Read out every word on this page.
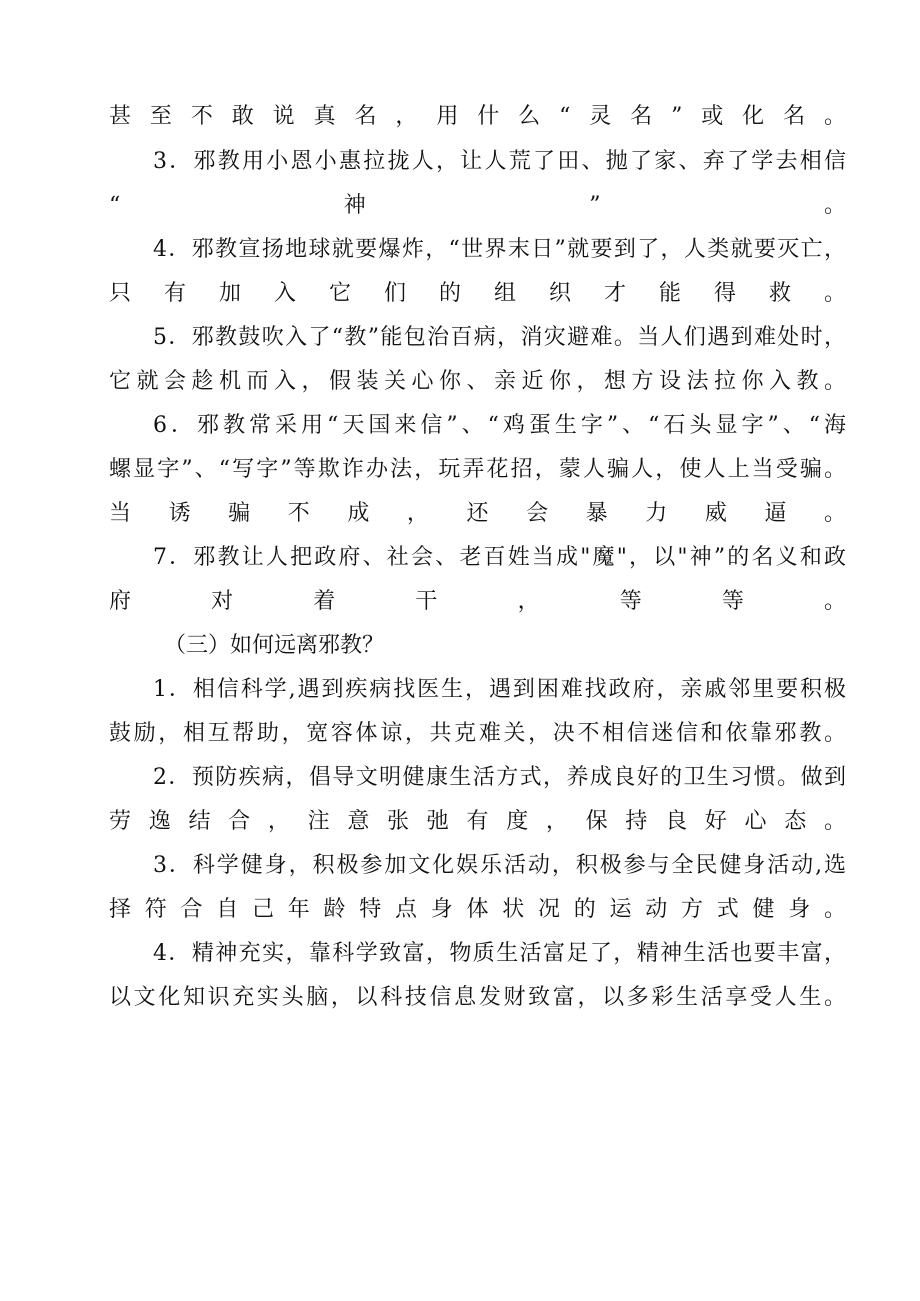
甚至不敢说真名，用什么“灵名”或化名。
3．邪教用小恩小惠拉拢人，让人荒了田、抛了家、弃了学去相信
“神”。
4．邪教宣扬地球就要爆炸，“世界末日”就要到了，人类就要灭亡，
只有加入它们的组织才能得救。
5．邪教鼓吹入了“教”能包治百病，消灾避难。当人们遇到难处时，
它就会趁机而入，假装关心你、亲近你，想方设法拉你入教。
6．邪教常采用“天国来信”、“鸡蛋生字”、“石头显字”、“海
螺显字”、“写字”等欺诈办法，玩弄花招，蒙人骗人，使人上当受骗。
当诱骗不成，还会暴力威逼。
7．邪教让人把政府、社会、老百姓当成"魔"，以"神”的名义和政
府对着干，等等。
（三）如何远离邪教？
1．相信科学,遇到疾病找医生，遇到困难找政府，亲戚邻里要积极
鼓励，相互帮助，宽容体谅，共克难关，决不相信迷信和依靠邪教。
2．预防疾病，倡导文明健康生活方式，养成良好的卫生习惯。做到
劳逸结合，注意张弛有度，保持良好心态。
3．科学健身，积极参加文化娱乐活动，积极参与全民健身活动,选
择符合自己年龄特点身体状况的运动方式健身。
4．精神充实，靠科学致富，物质生活富足了，精神生活也要丰富，
以文化知识充实头脑，以科技信息发财致富，以多彩生活享受人生。
